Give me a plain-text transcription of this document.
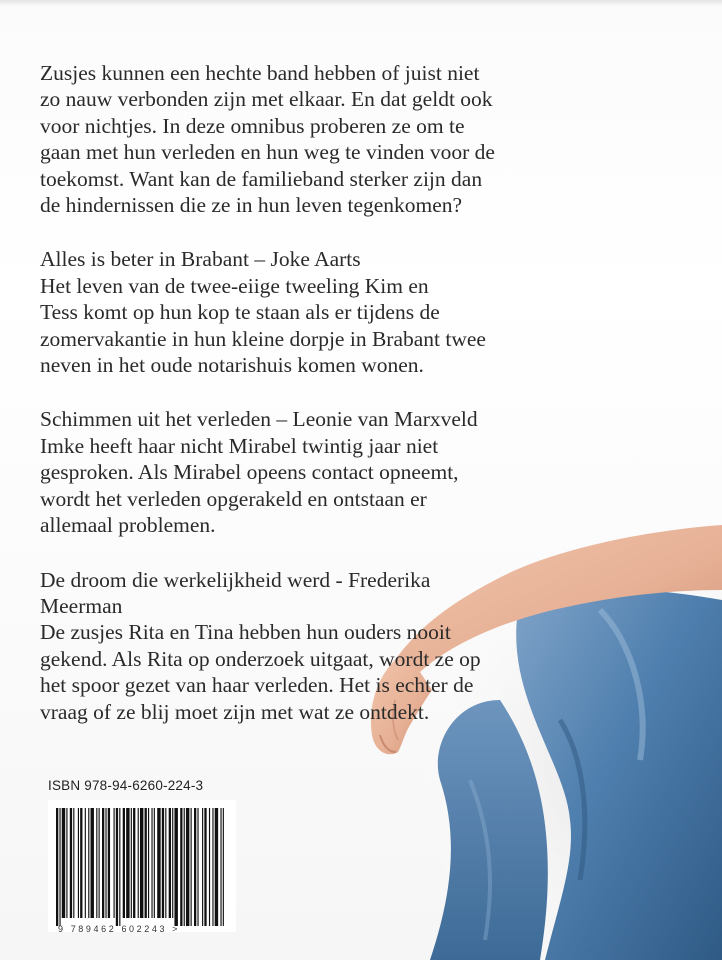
Zusjes kunnen een hechte band hebben of juist niet
zo nauw verbonden zijn met elkaar. En dat geldt ook
voor nichtjes. In deze omnibus proberen ze om te
gaan met hun verleden en hun weg te vinden voor de
toekomst. Want kan de familieband sterker zijn dan
de hindernissen die ze in hun leven tegenkomen?

Alles is beter in Brabant – Joke Aarts
Het leven van de twee-eiige tweeling Kim en
Tess komt op hun kop te staan als er tijdens de
zomervakantie in hun kleine dorpje in Brabant twee
neven in het oude notarishuis komen wonen.

Schimmen uit het verleden – Leonie van Marxveld
Imke heeft haar nicht Mirabel twintig jaar niet
gesproken. Als Mirabel opeens contact opneemt,
wordt het verleden opgerakeld en ontstaan er
allemaal problemen.

De droom die werkelijkheid werd - Frederika
Meerman
De zusjes Rita en Tina hebben hun ouders nooit
gekend. Als Rita op onderzoek uitgaat, wordt ze op
het spoor gezet van haar verleden. Het is echter de
vraag of ze blij moet zijn met wat ze ontdekt.

ISBN 978-94-6260-224-3
9 789462 602243 >
